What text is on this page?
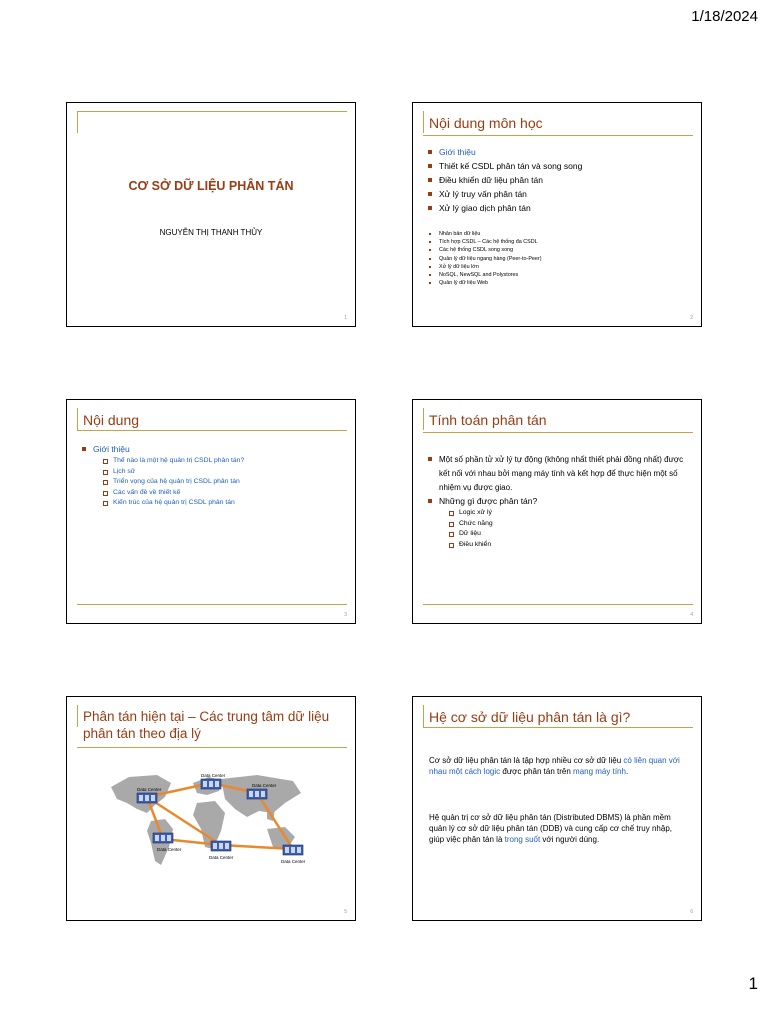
1/18/2024
CƠ SỞ DỮ LIỆU PHÂN TÁN
NGUYỄN THỊ THANH THỦY
1
Nội dung môn học
Giới thiệu
Thiết kế CSDL phân tán và song song
Điều khiển dữ liệu phân tán
Xử lý truy vấn phân tán
Xử lý giao dịch phân tán
Nhân bản dữ liệu
Tích hợp CSDL – Các hệ thống đa CSDL
Các hệ thống CSDL song song
Quản lý dữ liệu ngang hàng (Peer-to-Peer)
Xử lý dữ liệu lớn
NoSQL, NewSQL and Polystores
Quản lý dữ liệu Web
2
Nội dung
Giới thiệu
Thế nào là một hệ quản trị CSDL phân tán?
Lịch sử
Triển vọng của hệ quản trị CSDL phân tán
Các vấn đề về thiết kế
Kiến trúc của hệ quản trị CSDL phân tán
3
Tính toán phân tán
Một số phần tử xử lý tự động (không nhất thiết phải đồng nhất) được kết nối với nhau bởi mạng máy tính và kết hợp để thực hiện một số nhiệm vụ được giao.
Những gì được phân tán?
Logic xử lý
Chức năng
Dữ liệu
Điều khiển
4
Phân tán hiện tại – Các trung tâm dữ liệu phân tán theo địa lý
Data Center
Data Center
Data Center
Data Center
Data Center
Data Center
5
Hệ cơ sở dữ liệu phân tán là gì?
Cơ sở dữ liệu phân tán là tập hợp nhiều cơ sở dữ liệu có liên quan với nhau một cách logic được phân tán trên mạng máy tính.
Hệ quản trị cơ sở dữ liệu phân tán (Distributed DBMS) là phần mềm quản lý cơ sở dữ liệu phân tán (DDB) và cung cấp cơ chế truy nhập, giúp việc phân tán là trong suốt với người dùng.
6
1
